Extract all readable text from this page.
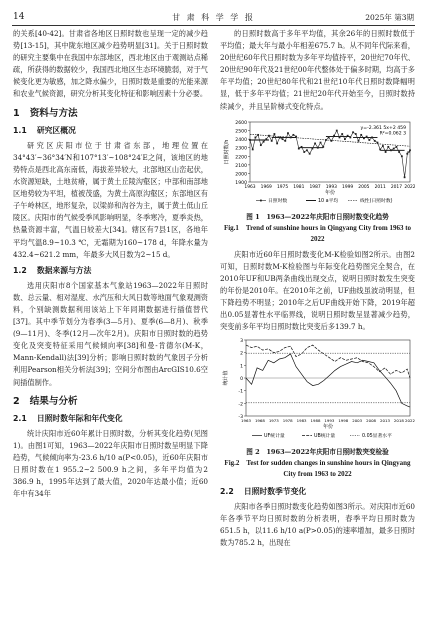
14	甘 肃 科 学 学 报	2025年 第3期

的关系[40-42]。甘肃省各地区日照时数也呈现一定的减少趋势[13-15]，其中陇东地区减少趋势明显[31]。关于日照时数的研究主要集中在我国中东部地区，西北地区由于观测站点稀疏，所获得的数据较少，我国西北地区生态环境脆弱，对于气候变化更为敏感，加之降水偏少，日照时数是重要的光能来源和农业气候资源，研究分析其变化特征和影响因素十分必要。

1 资料与方法
1.1 研究区概况

研究区庆阳市位于甘肃省东部，地理位置在34°43′~36°34′N和107°13′~108°24′E之间，该地区的地势特点是西北高东南低，海拔差异较大，北部地区山峦起伏，水资源短缺，土地贫瘠，属于黄土丘陵沟壑区；中部和南部地区地势较为平坦，植被茂盛，为黄土高原沟壑区；东部地区有子午岭林区，地形复杂，以梁峁和沟谷为主，属于黄土低山丘陵区。庆阳市的气候受季风影响明显，冬季寒冷，夏季炎热，热量资源丰富，气温日较差大[34]。辖区有7县1区，各地年平均气温8.9~10.3 ℃，无霜期为160~178 d，年降水量为432.4~621.2 mm，年最多大风日数为2~15 d。

1.2 数据来源与方法

选用庆阳市8个国家基本气象站1963—2022年日照时数、总云量、相对湿度、水汽压和大风日数等地面气象观测资料，个别缺测数据利用该站上下年同期数据进行插值替代[37]。其中季节划分为春季(3—5月)、夏季(6—8月)、秋季(9—11月)、冬季(12月—次年2月)。庆阳市日照时数的趋势变化及突变特征采用气候倾向率[38]和曼-肯德尔(M-K，Mann-Kendall)法[39]分析；影响日照时数的气象因子分析利用Pearson相关分析法[39]；空间分布图由ArcGIS10.6空间插值制作。

2 结果与分析
2.1 日照时数年际和年代变化

统计庆阳市近60年累计日照时数，分析其变化趋势(见图1)。由图1可知，1963—2022年庆阳市日照时数呈明显下降趋势，气候倾向率为-23.6 h/10 a(P<0.05)，近60年庆阳市日照时数在1 955.2~2 500.9 h之间，多年平均值为2 386.9 h，1995年达到了最大值，2020年达最小值；近60年中有34年

的日照时数高于多年平均值，其余26年的日照时数低于平均值；最大年与最小年相差675.7 h。从不同年代际来看，20世纪60年代日照时数为多年平均值持平，20世纪70年代、20世纪90年代及21世纪00年代整体处于偏多时期，均高于多年平均值；20世纪80年代和21世纪10年代日照时数降幅明显，低于多年平均值；21世纪20年代开始至今，日照时数持续减少，并且呈阶梯式变化特点。

1900
2000
2100
2200
2300
2400
2500
2600
1963 1969 1975 1981 1987 1993 1999 2005 2011 2017 2022
日照时数/h
年份
y=-2.361 5x+2 459
R²=0.062 3
日照时数	10 a平均	线性(日照时数)
图 1　1963—2022年庆阳市日照时数变化趋势
Fig.1　Trend of sunshine hours in Qingyang City from 1963 to 2022

庆阳市近60年日照时数变化M-K检验如图2所示。由图2可知，日照时数M-K检验图与年际变化趋势图完全契合，在2010年UF和UB两条曲线出现交点，说明日照时数发生突变的年份是2010年。在2010年之前，UF曲线虽波动明显，但下降趋势不明显；2010年之后UF曲线开始下降，2019年超出0.05显著性水平临界线，说明日照时数呈显著减少趋势，突变前多年平均日照时数比突变后多139.7 h。

-3
-2
-1
0
1
2
3
1963 1968 1973 1978 1983 1988 1993 1998 2003 2008 2013 2018 2022
统计值
年份
UF统计量	UB统计量	0.05显著水平
图 2　1963—2022年庆阳市日照时数突变检验
Fig.2　Test for sudden changes in sunshine hours in Qingyang City from 1963 to 2022
2.2 日照时数季节变化

庆阳市各季日照时数变化趋势如图3所示。对庆阳市近60年各季节平均日照时数的分析表明，春季平均日照时数为651.5 h，以11.6 h/10 a(P>0.05)的速率增加，最多日照时数为785.2 h，出现在
